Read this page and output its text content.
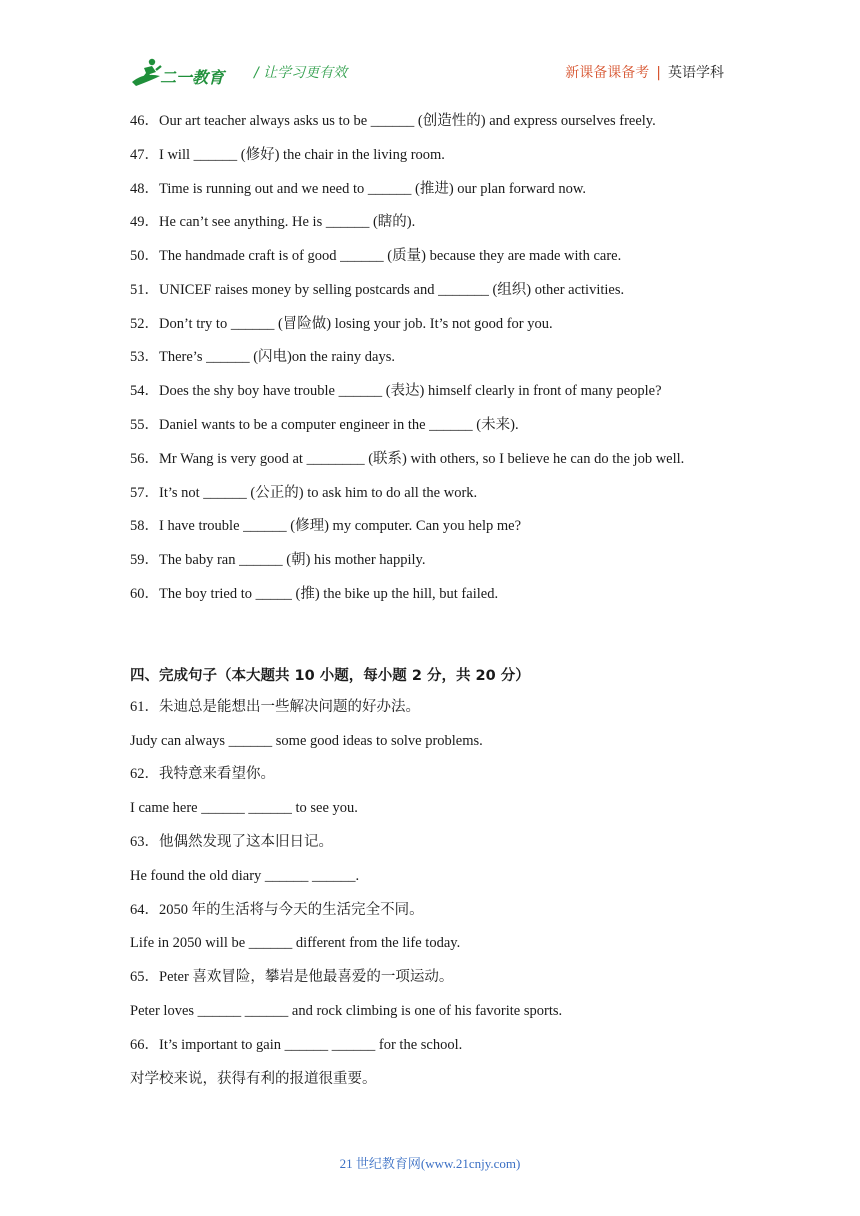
二一教育 / 让学习更有效	新课备课备考 | 英语学科
46．Our art teacher always asks us to be ______ (创造性的) and express ourselves freely.
47．I will ______ (修好) the chair in the living room.
48．Time is running out and we need to ______ (推进) our plan forward now.
49．He can’t see anything. He is ______ (瞎的).
50．The handmade craft is of good ______ (质量) because they are made with care.
51．UNICEF raises money by selling postcards and _______ (组织) other activities.
52．Don’t try to ______ (冒险做) losing your job. It’s not good for you.
53．There’s ______ (闪电)on the rainy days.
54．Does the shy boy have trouble ______ (表达) himself clearly in front of many people?
55．Daniel wants to be a computer engineer in the ______ (未来).
56．Mr Wang is very good at ________ (联系) with others, so I believe he can do the job well.
57．It’s not ______ (公正的) to ask him to do all the work.
58．I have trouble ______ (修理) my computer. Can you help me?
59．The baby ran ______ (朝) his mother happily.
60．The boy tried to _____ (推) the bike up the hill, but failed.
四、完成句子（本大题共 10 小题，每小题 2 分，共 20 分）
61．朱迪总是能想出一些解决问题的好办法。
Judy can always ______ some good ideas to solve problems.
62．我特意来看望你。
I came here ______ ______ to see you.
63．他偶然发现了这本旧日记。
He found the old diary ______ ______.
64．2050 年的生活将与今天的生活完全不同。
Life in 2050 will be ______ different from the life today.
65．Peter 喜欢冒险，攀岩是他最喜爱的一项运动。
Peter loves ______ ______ and rock climbing is one of his favorite sports.
66．It’s important to gain ______ ______ for the school.
对学校来说，获得有利的报道很重要。
21 世纪教育网(www.21cnjy.com)
